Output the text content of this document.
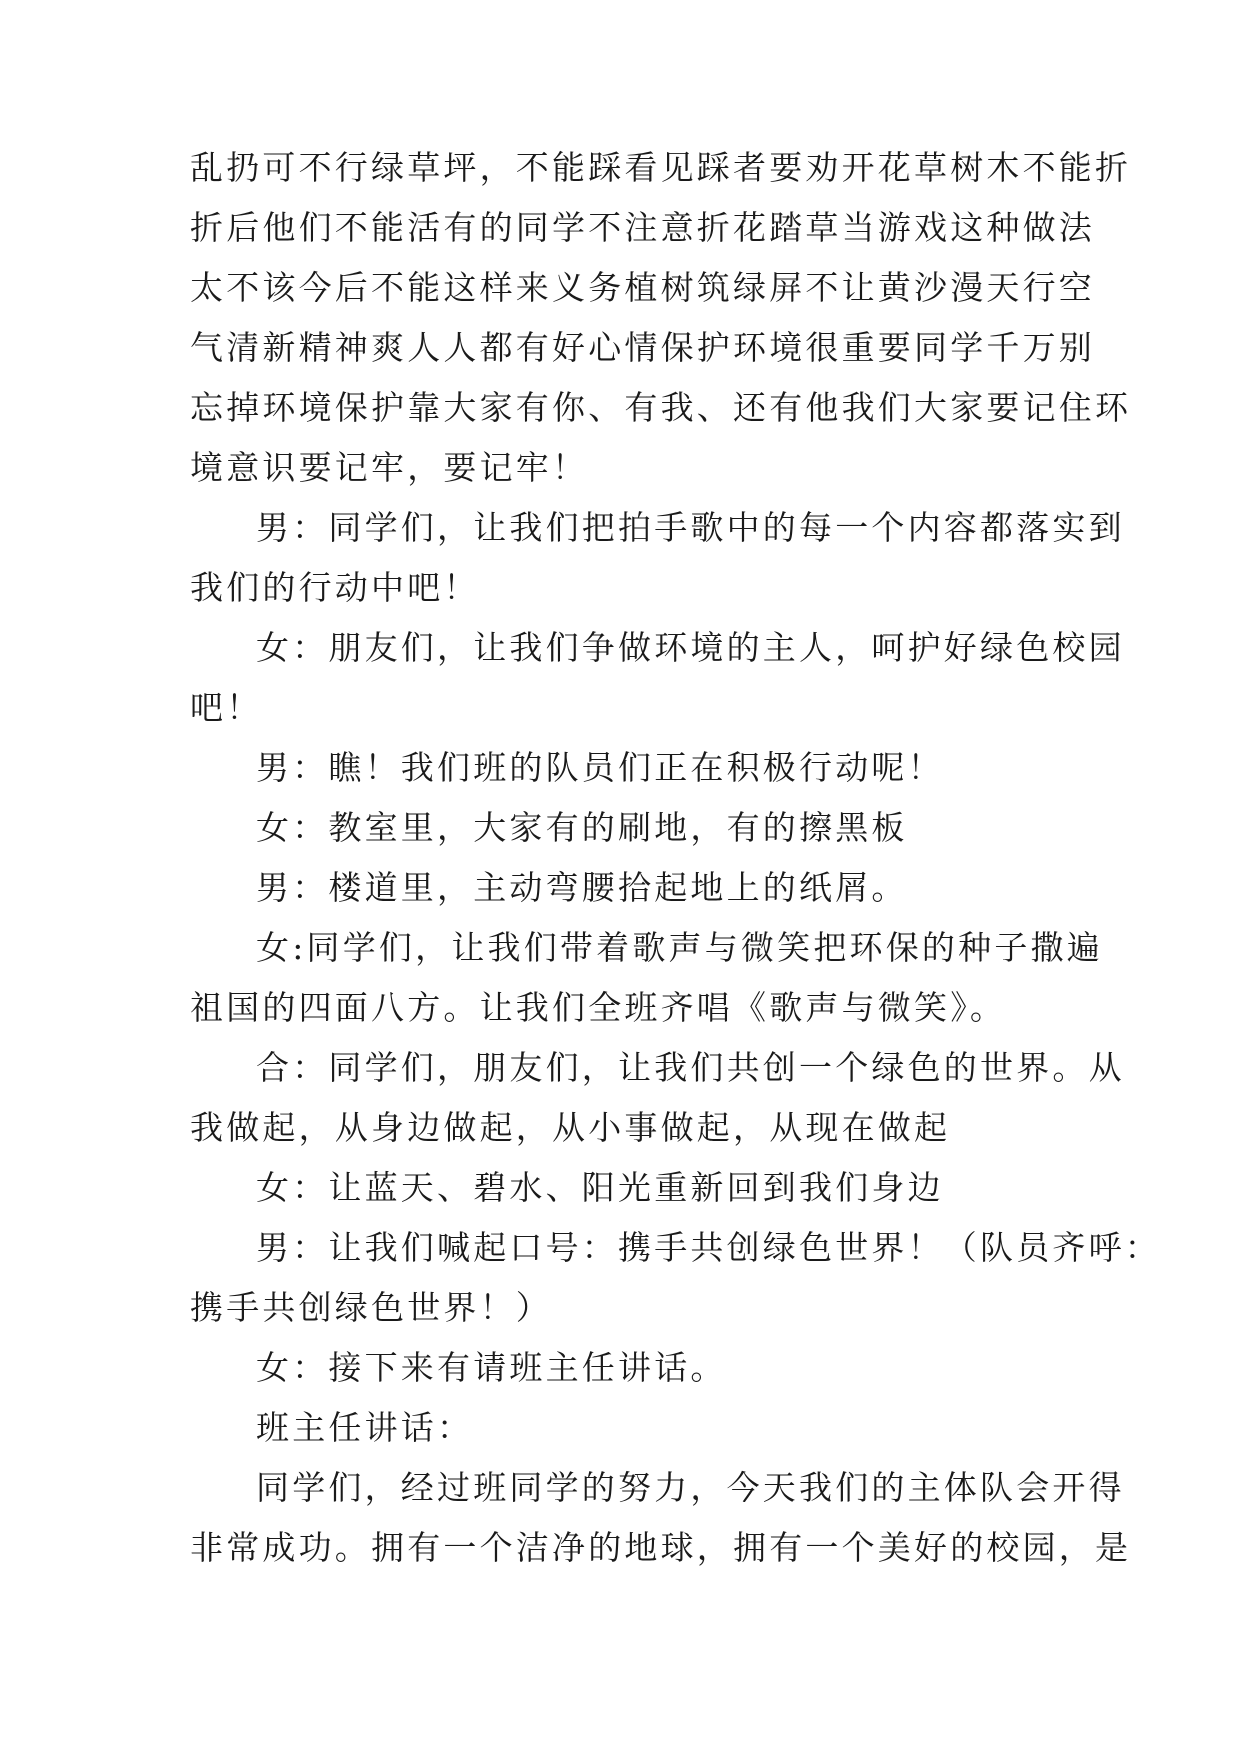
乱扔可不行绿草坪，不能踩看见踩者要劝开花草树木不能折
折后他们不能活有的同学不注意折花踏草当游戏这种做法
太不该今后不能这样来义务植树筑绿屏不让黄沙漫天行空
气清新精神爽人人都有好心情保护环境很重要同学千万别
忘掉环境保护靠大家有你、有我、还有他我们大家要记住环
境意识要记牢，要记牢！
男：同学们，让我们把拍手歌中的每一个内容都落实到
我们的行动中吧！
女：朋友们，让我们争做环境的主人，呵护好绿色校园
吧！
男：瞧！我们班的队员们正在积极行动呢！
女：教室里，大家有的刷地，有的擦黑板
男：楼道里，主动弯腰拾起地上的纸屑。
女:同学们，让我们带着歌声与微笑把环保的种子撒遍
祖国的四面八方。让我们全班齐唱《歌声与微笑》。
合：同学们，朋友们，让我们共创一个绿色的世界。从
我做起，从身边做起，从小事做起，从现在做起
女：让蓝天、碧水、阳光重新回到我们身边
男：让我们喊起口号：携手共创绿色世界！（队员齐呼：
携手共创绿色世界！）
女：接下来有请班主任讲话。
班主任讲话：
同学们，经过班同学的努力，今天我们的主体队会开得
非常成功。拥有一个洁净的地球，拥有一个美好的校园，是
